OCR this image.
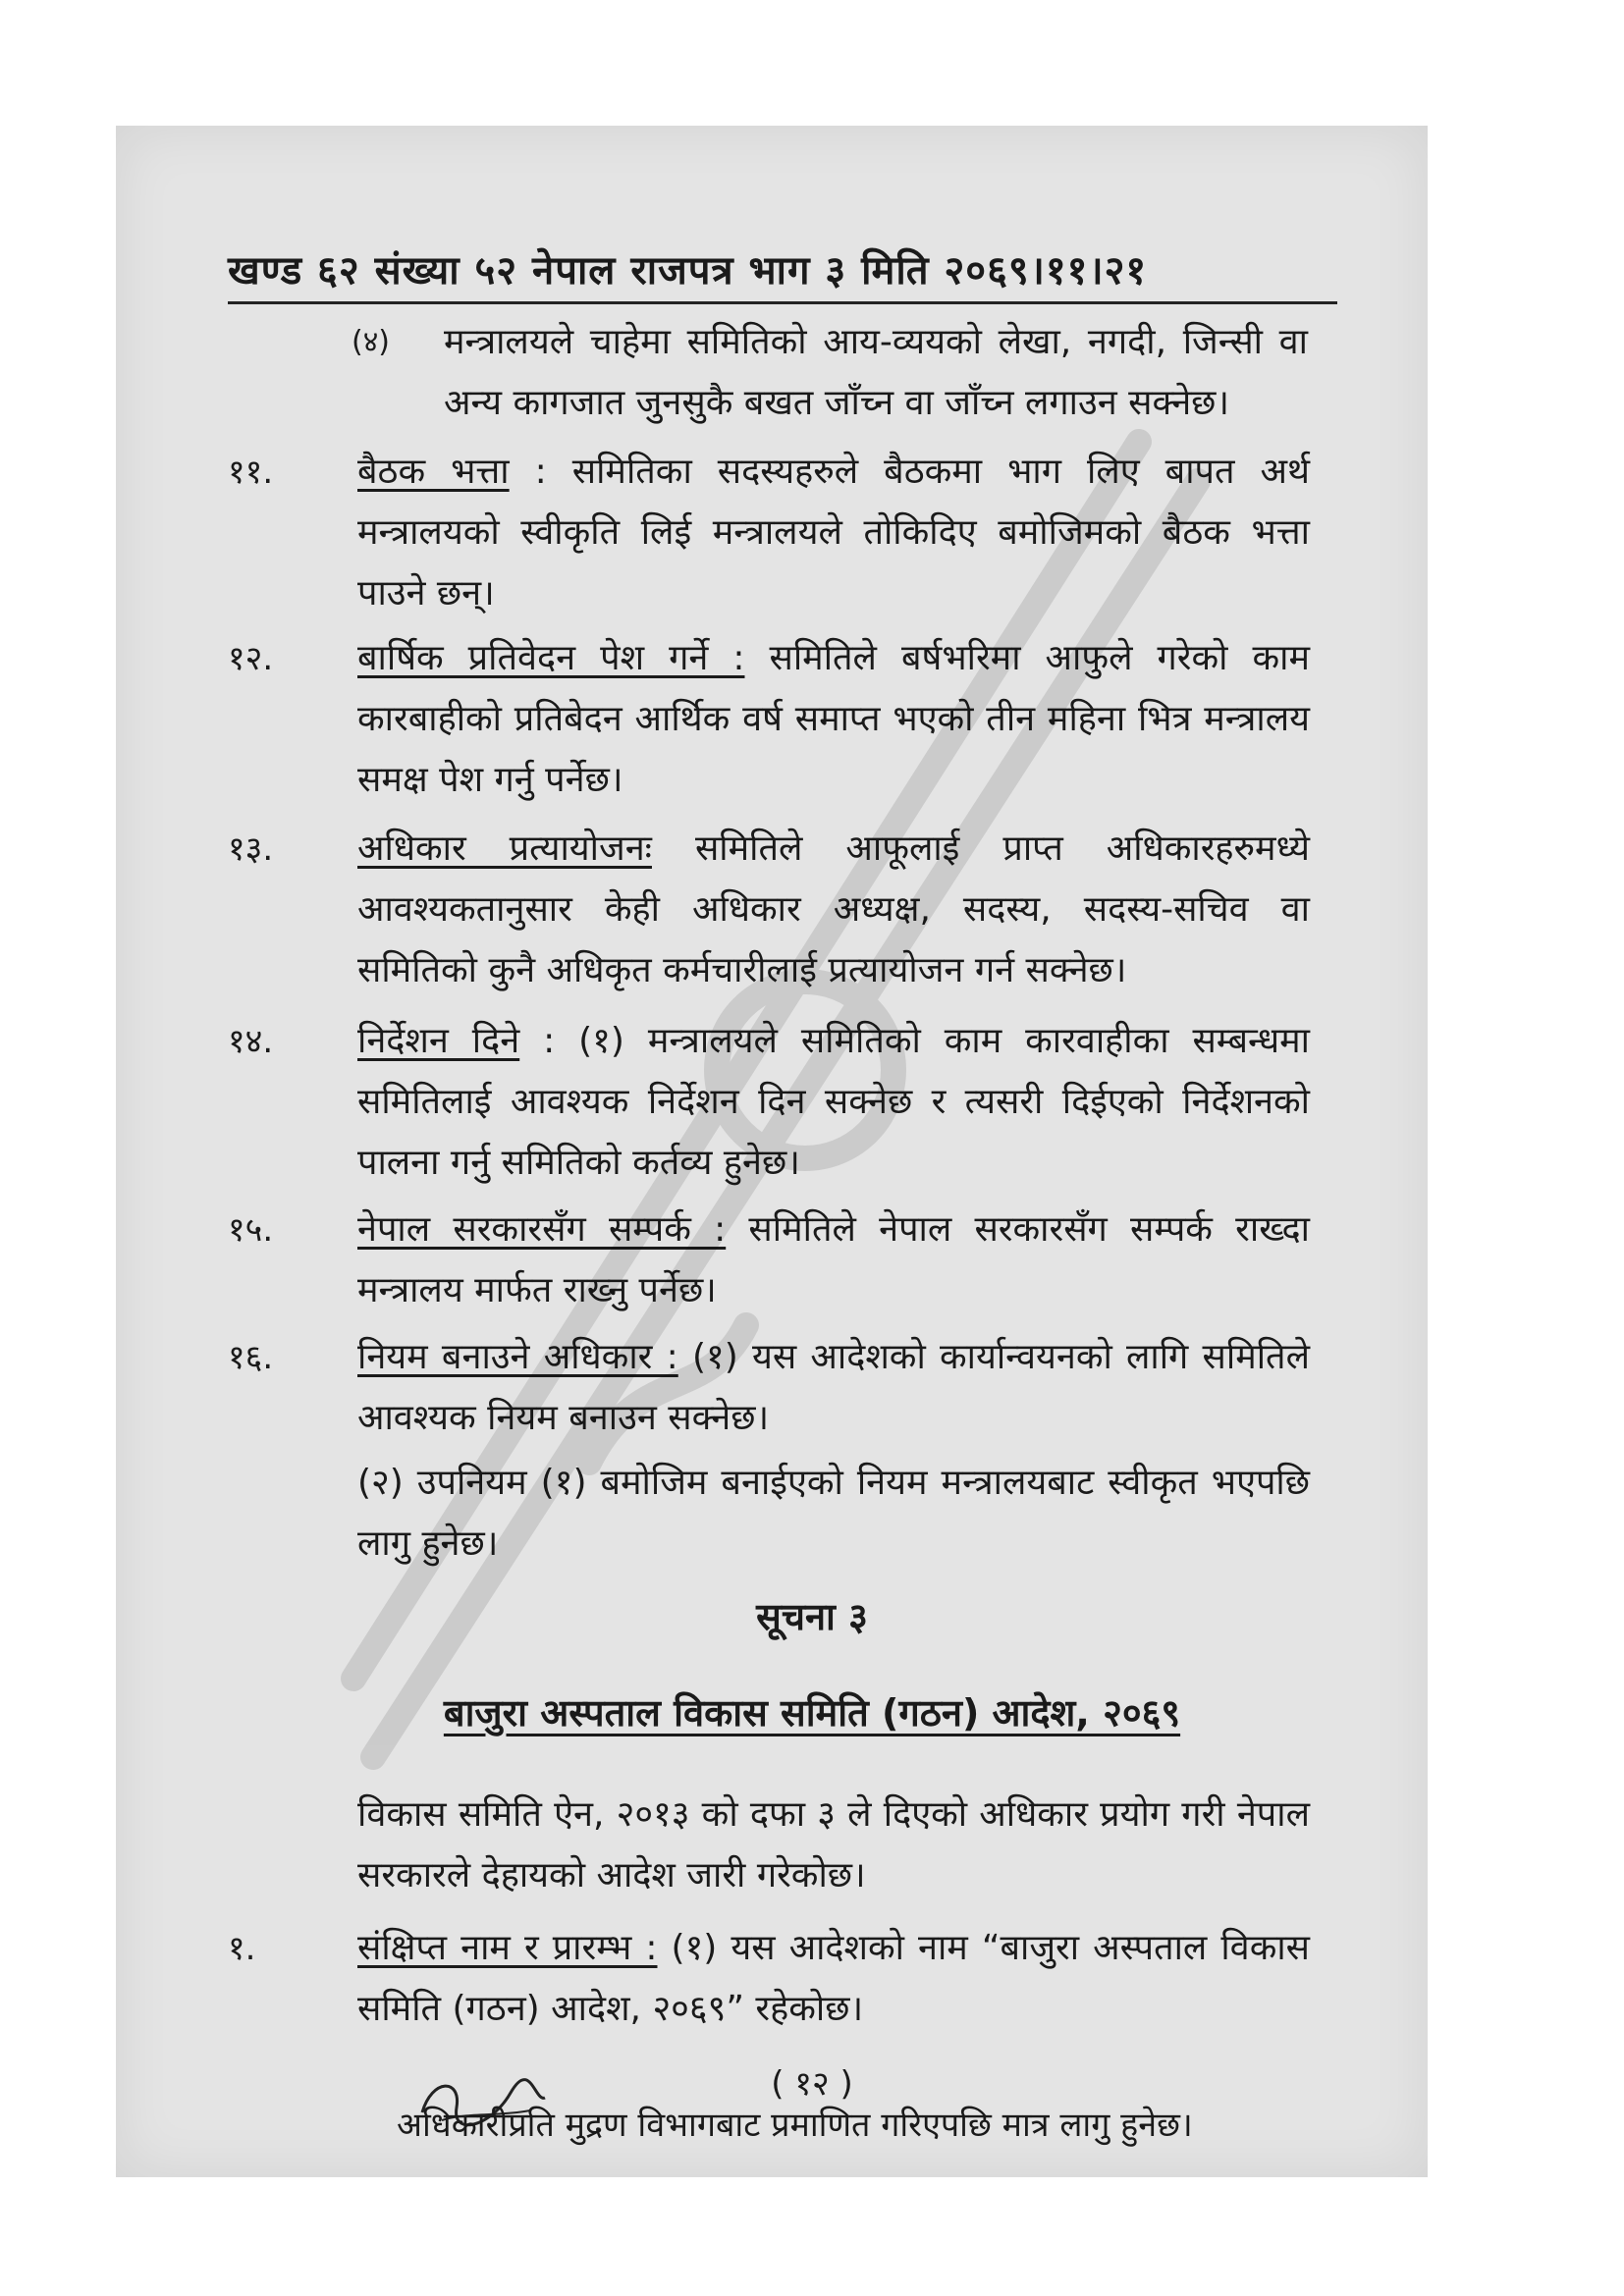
खण्ड ६२ संख्या ५२ नेपाल राजपत्र भाग ३ मिति २०६९।११।२१
(४) मन्त्रालयले चाहेमा समितिको आय-व्ययको लेखा, नगदी, जिन्सी वा अन्य कागजात जुनसुकै बखत जाँच्न वा जाँच्न लगाउन सक्नेछ।
११. बैठक भत्ता : समितिका सदस्यहरुले बैठकमा भाग लिए बापत अर्थ मन्त्रालयको स्वीकृति लिई मन्त्रालयले तोकिदिए बमोजिमको बैठक भत्ता पाउने छन्।
१२. बार्षिक प्रतिवेदन पेश गर्ने : समितिले बर्षभरिमा आफुले गरेको काम कारबाहीको प्रतिबेदन आर्थिक वर्ष समाप्त भएको तीन महिना भित्र मन्त्रालय समक्ष पेश गर्नु पर्नेछ।
१३. अधिकार प्रत्यायोजनः समितिले आफूलाई प्राप्त अधिकारहरुमध्ये आवश्यकतानुसार केही अधिकार अध्यक्ष, सदस्य, सदस्य-सचिव वा समितिको कुनै अधिकृत कर्मचारीलाई प्रत्यायोजन गर्न सक्नेछ।
१४. निर्देशन दिने : (१) मन्त्रालयले समितिको काम कारवाहीका सम्बन्धमा समितिलाई आवश्यक निर्देशन दिन सक्नेछ र त्यसरी दिईएको निर्देशनको पालना गर्नु समितिको कर्तव्य हुनेछ।
१५. नेपाल सरकारसँग सम्पर्क : समितिले नेपाल सरकारसँग सम्पर्क राख्दा मन्त्रालय मार्फत राख्नु पर्नेछ।
१६. नियम बनाउने अधिकार : (१) यस आदेशको कार्यान्वयनको लागि समितिले आवश्यक नियम बनाउन सक्नेछ।
(२) उपनियम (१) बमोजिम बनाईएको नियम मन्त्रालयबाट स्वीकृत भएपछि लागु हुनेछ।
सूचना ३
बाजुरा अस्पताल विकास समिति (गठन) आदेश, २०६९
विकास समिति ऐन, २०१३ को दफा ३ ले दिएको अधिकार प्रयोग गरी नेपाल सरकारले देहायको आदेश जारी गरेकोछ।
१.	संक्षिप्त नाम र प्रारम्भ : (१) यस आदेशको नाम “बाजुरा अस्पताल विकास समिति (गठन) आदेश, २०६९” रहेकोछ।
( १२ )
अधिकारीप्रति मुद्रण विभागबाट प्रमाणित गरिएपछि मात्र लागु हुनेछ।
